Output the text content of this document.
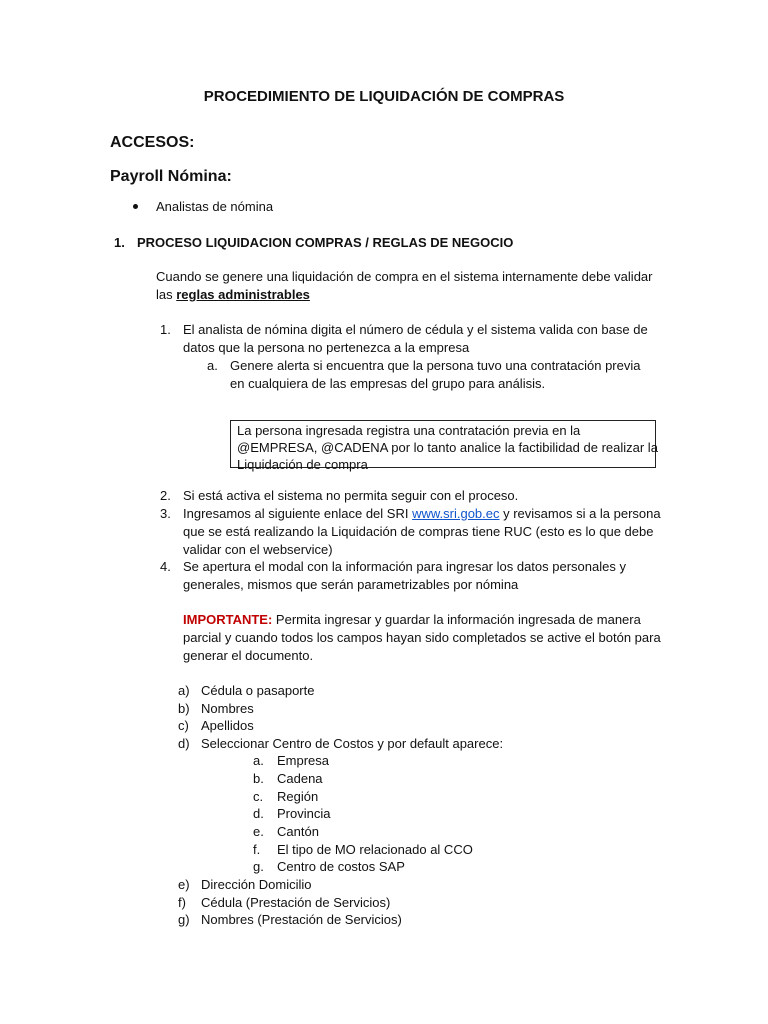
PROCEDIMIENTO DE LIQUIDACIÓN DE COMPRAS
ACCESOS:
Payroll Nómina:
Analistas de nómina
1. PROCESO LIQUIDACION COMPRAS / REGLAS DE NEGOCIO
Cuando se genere una liquidación de compra en el sistema internamente debe validar
las reglas administrables
1. El analista de nómina digita el número de cédula y el sistema valida con base de
datos que la persona no pertenezca a la empresa
a. Genere alerta si encuentra que la persona tuvo una contratación previa
en cualquiera de las empresas del grupo para análisis.
La persona ingresada registra una contratación previa en la
@EMPRESA, @CADENA por lo tanto analice la factibilidad de realizar la
Liquidación de compra
2. Si está activa el sistema no permita seguir con el proceso.
3. Ingresamos al siguiente enlace del SRI www.sri.gob.ec y revisamos si a la persona
que se está realizando la Liquidación de compras tiene RUC (esto es lo que debe
validar con el webservice)
4. Se apertura el modal con la información para ingresar los datos personales y
generales, mismos que serán parametrizables por nómina
IMPORTANTE: Permita ingresar y guardar la información ingresada de manera
parcial y cuando todos los campos hayan sido completados se active el botón para
generar el documento.
a) Cédula o pasaporte
b) Nombres
c) Apellidos
d) Seleccionar Centro de Costos y por default aparece:
a. Empresa
b. Cadena
c. Región
d. Provincia
e. Cantón
f. El tipo de MO relacionado al CCO
g. Centro de costos SAP
e) Dirección Domicilio
f) Cédula (Prestación de Servicios)
g) Nombres (Prestación de Servicios)
